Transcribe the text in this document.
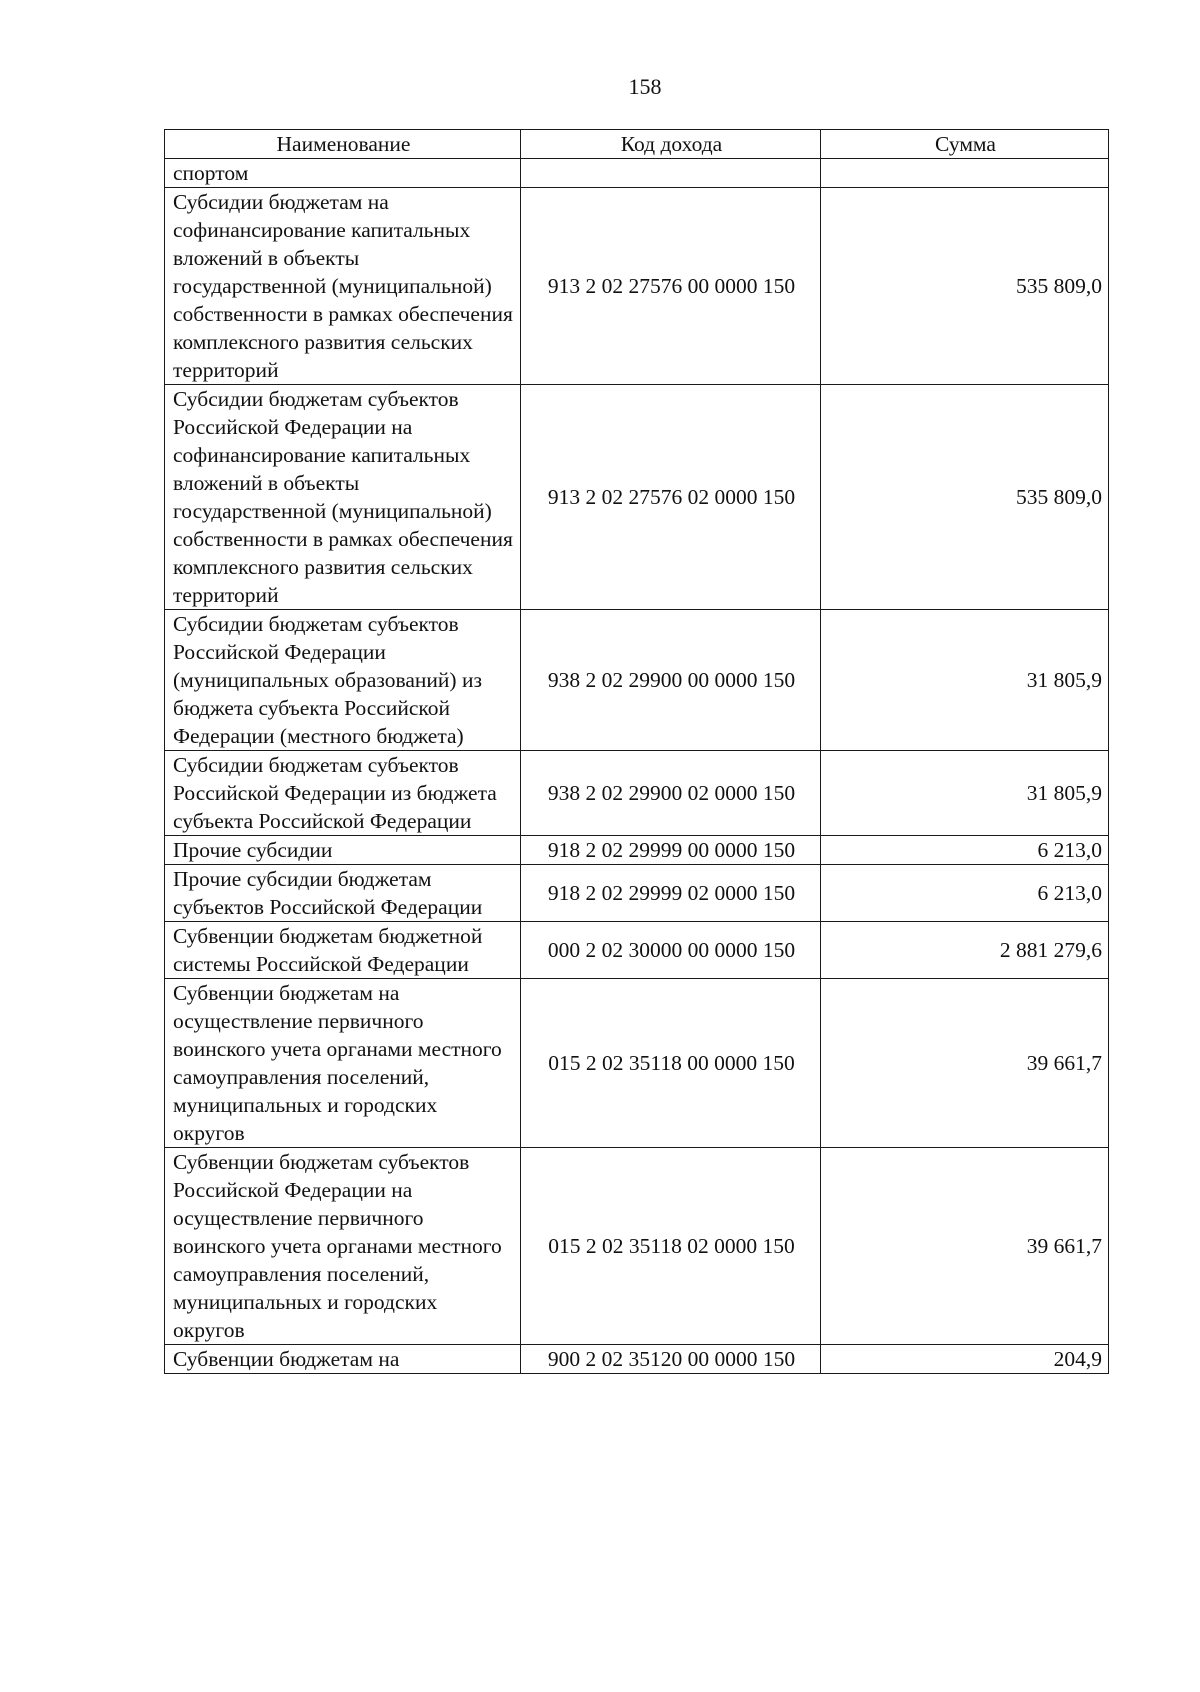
158
Наименование	Код дохода	Сумма
спортом		
Субсидии бюджетам на софинансирование капитальных вложений в объекты государственной (муниципальной) собственности в рамках обеспечения комплексного развития сельских территорий	913 2 02 27576 00 0000 150	535 809,0
Субсидии бюджетам субъектов Российской Федерации на софинансирование капитальных вложений в объекты государственной (муниципальной) собственности в рамках обеспечения комплексного развития сельских территорий	913 2 02 27576 02 0000 150	535 809,0
Субсидии бюджетам субъектов Российской Федерации (муниципальных образований) из бюджета субъекта Российской Федерации (местного бюджета)	938 2 02 29900 00 0000 150	31 805,9
Субсидии бюджетам субъектов Российской Федерации из бюджета субъекта Российской Федерации	938 2 02 29900 02 0000 150	31 805,9
Прочие субсидии	918 2 02 29999 00 0000 150	6 213,0
Прочие субсидии бюджетам субъектов Российской Федерации	918 2 02 29999 02 0000 150	6 213,0
Субвенции бюджетам бюджетной системы Российской Федерации	000 2 02 30000 00 0000 150	2 881 279,6
Субвенции бюджетам на осуществление первичного воинского учета органами местного самоуправления поселений, муниципальных и городских округов	015 2 02 35118 00 0000 150	39 661,7
Субвенции бюджетам субъектов Российской Федерации на осуществление первичного воинского учета органами местного самоуправления поселений, муниципальных и городских округов	015 2 02 35118 02 0000 150	39 661,7
Субвенции бюджетам на	900 2 02 35120 00 0000 150	204,9
